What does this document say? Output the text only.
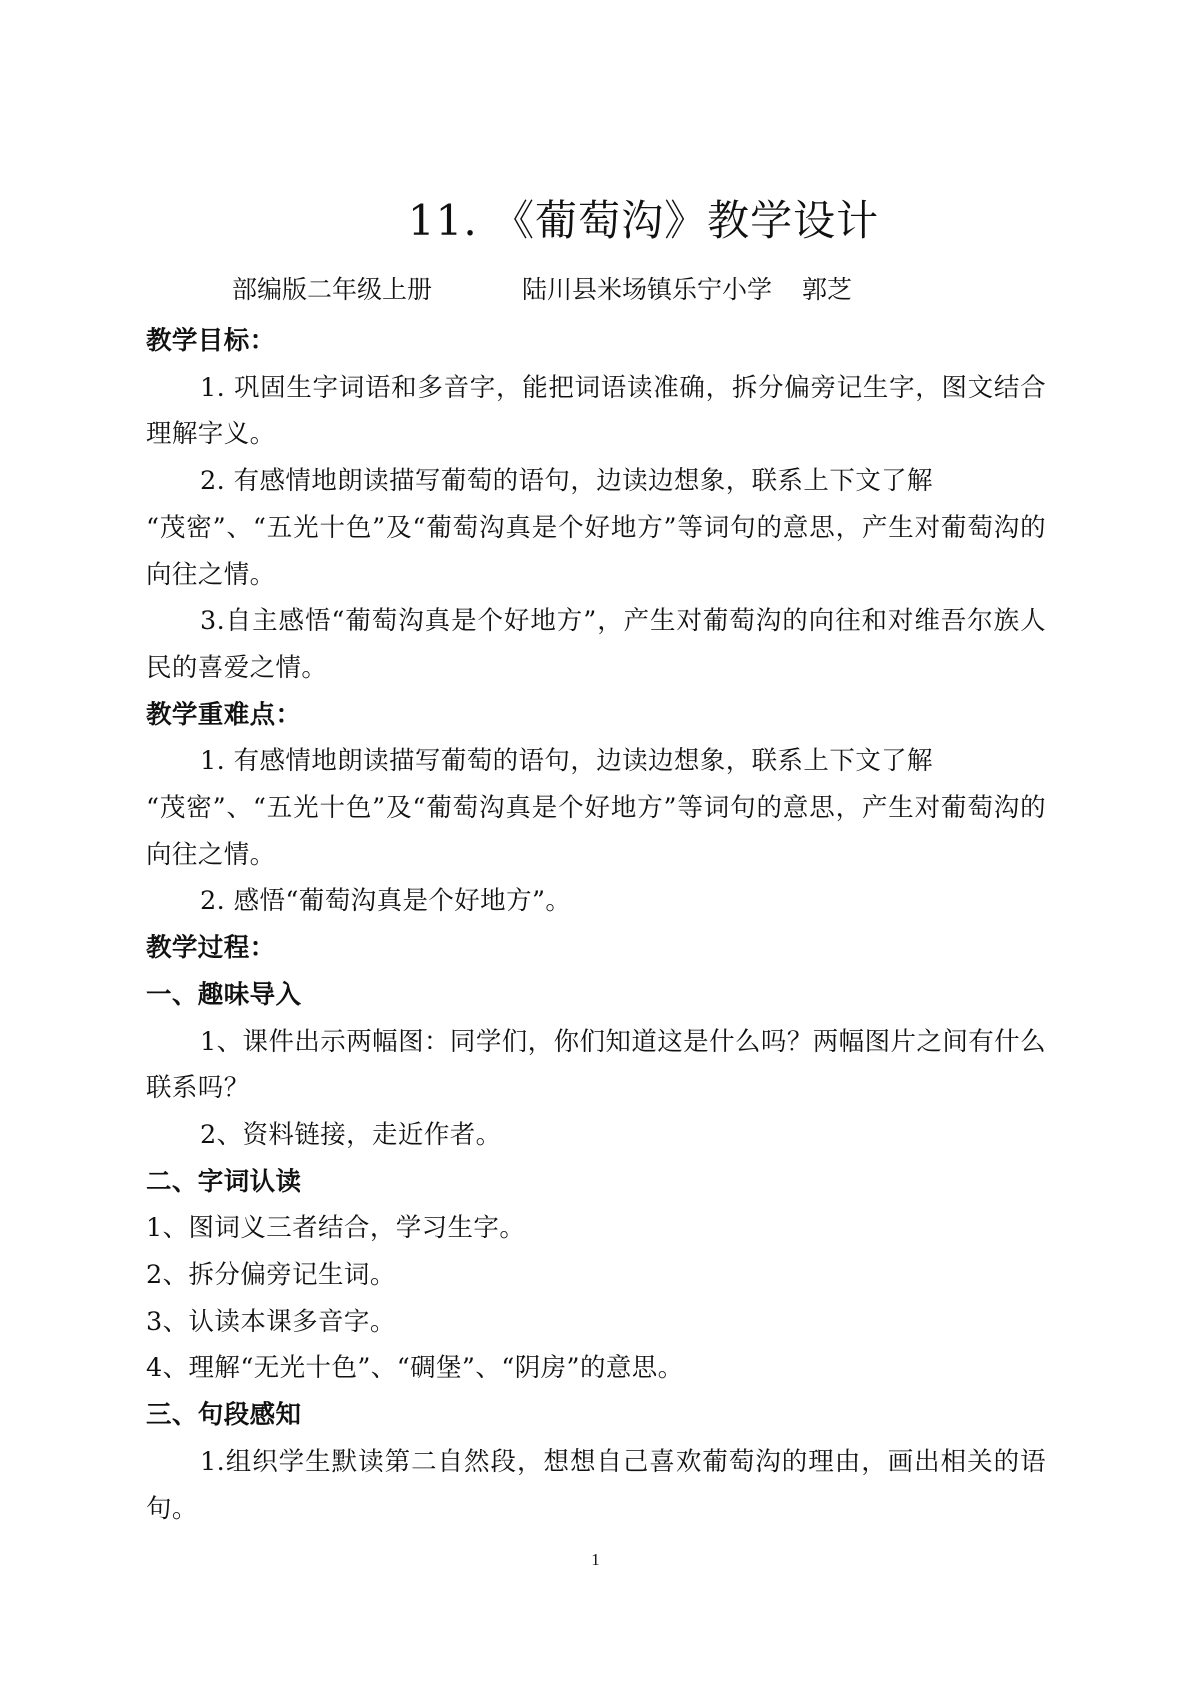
11. 《葡萄沟》教学设计
部编版二年级上册	陆川县米场镇乐宁小学 郭芝

教学目标：

1. 巩固生字词语和多音字，能把词语读准确，拆分偏旁记生字，图文结合理解字义。

2. 有感情地朗读描写葡萄的语句，边读边想象，联系上下文了解

“茂密”、“五光十色”及“葡萄沟真是个好地方”等词句的意思，产生对葡萄沟的向往之情。

3.自主感悟“葡萄沟真是个好地方”，产生对葡萄沟的向往和对维吾尔族人民的喜爱之情。

教学重难点：

1. 有感情地朗读描写葡萄的语句，边读边想象，联系上下文了解

“茂密”、“五光十色”及“葡萄沟真是个好地方”等词句的意思，产生对葡萄沟的向往之情。

2. 感悟“葡萄沟真是个好地方”。

教学过程：

一、趣味导入

1、课件出示两幅图：同学们，你们知道这是什么吗？两幅图片之间有什么联系吗？

2、资料链接，走近作者。

二、字词认读

1、图词义三者结合，学习生字。

2、拆分偏旁记生词。

3、认读本课多音字。

4、理解“无光十色”、“碉堡”、“阴房”的意思。

三、句段感知

1.组织学生默读第二自然段，想想自己喜欢葡萄沟的理由，画出相关的语句。

1
